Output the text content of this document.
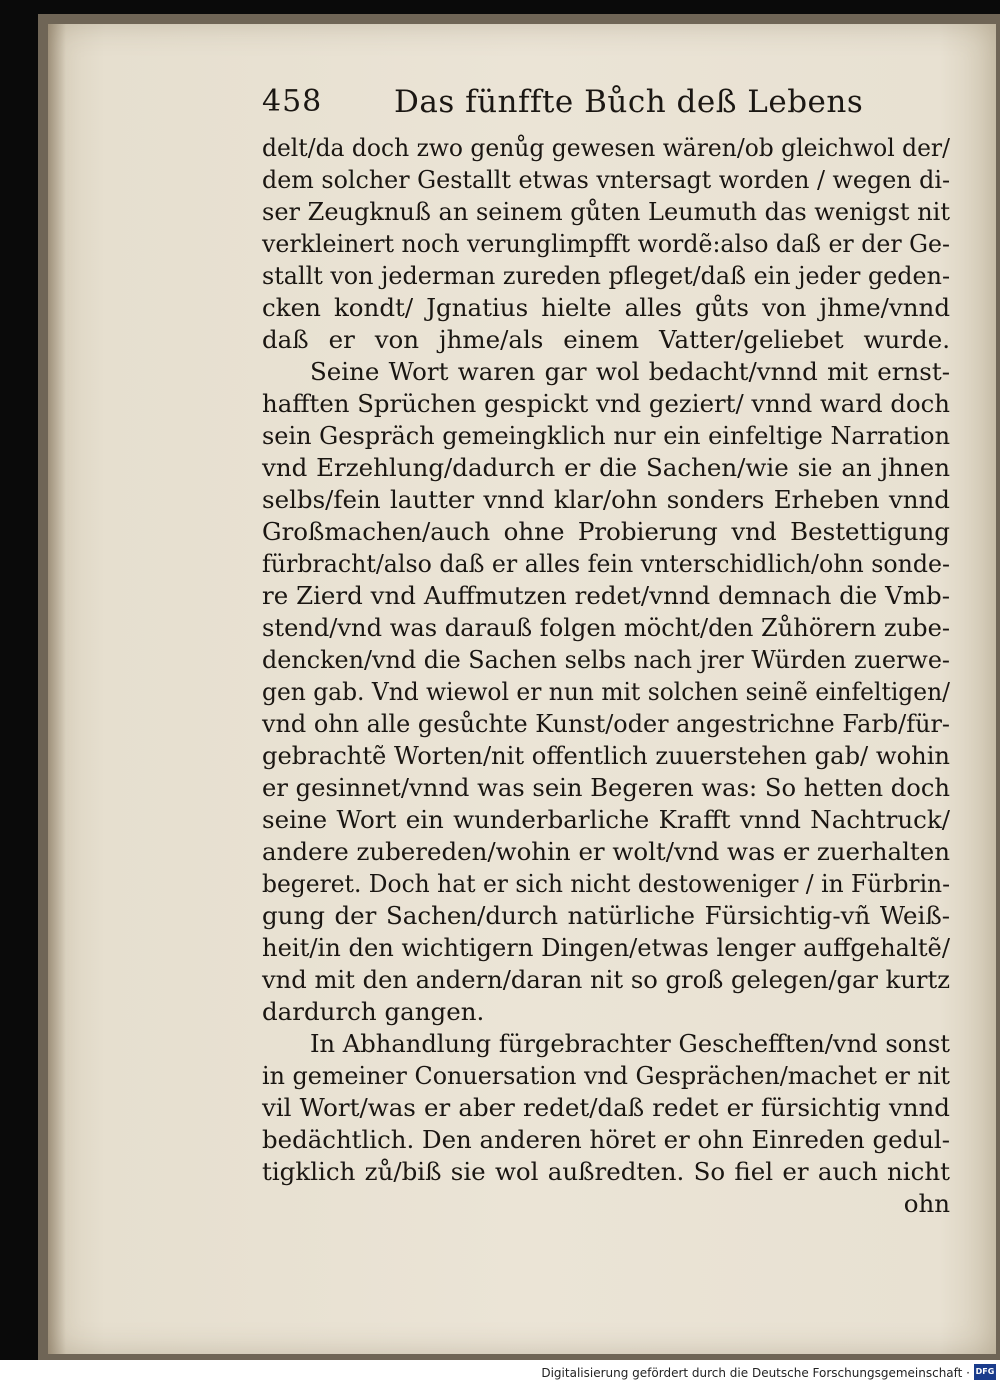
458 Das fünffte Bůch deß Lebens
delt/da doch zwo genůg gewesen wären/ob gleichwol der/
dem solcher Gestallt etwas vntersagt worden / wegen di-
ser Zeugknuß an seinem gůten Leumuth das wenigst nit
verkleinert noch verunglimpfft wordẽ:also daß er der Ge-
stallt von jederman zureden pfleget/daß ein jeder geden-
cken kondt/ Jgnatius hielte alles gůts von jhme/vnnd
daß er von jhme/als einem Vatter/geliebet wurde.
Seine Wort waren gar wol bedacht/vnnd mit ernst-
hafften Sprüchen gespickt vnd geziert/ vnnd ward doch
sein Gespräch gemeingklich nur ein einfeltige Narration
vnd Erzehlung/dadurch er die Sachen/wie sie an jhnen
selbs/fein lautter vnnd klar/ohn sonders Erheben vnnd
Großmachen/auch ohne Probierung vnd Bestettigung
fürbracht/also daß er alles fein vnterschidlich/ohn sonde-
re Zierd vnd Auffmutzen redet/vnnd demnach die Vmb-
stend/vnd was darauß folgen möcht/den Zůhörern zube-
dencken/vnd die Sachen selbs nach jrer Würden zuerwe-
gen gab. Vnd wiewol er nun mit solchen seinẽ einfeltigen/
vnd ohn alle gesůchte Kunst/oder angestrichne Farb/für-
gebrachtẽ Worten/nit offentlich zuuerstehen gab/ wohin
er gesinnet/vnnd was sein Begeren was: So hetten doch
seine Wort ein wunderbarliche Krafft vnnd Nachtruck/
andere zubereden/wohin er wolt/vnd was er zuerhalten
begeret. Doch hat er sich nicht destoweniger / in Fürbrin-
gung der Sachen/durch natürliche Fürsichtig-vñ Weiß-
heit/in den wichtigern Dingen/etwas lenger auffgehaltẽ/
vnd mit den andern/daran nit so groß gelegen/gar kurtz
dardurch gangen.
In Abhandlung fürgebrachter Geschefften/vnd sonst
in gemeiner Conuersation vnd Gesprächen/machet er nit
vil Wort/was er aber redet/daß redet er fürsichtig vnnd
bedächtlich. Den anderen höret er ohn Einreden gedul-
tigklich zů/biß sie wol außredten. So fiel er auch nicht
ohn
Digitalisierung gefördert durch die Deutsche Forschungsgemeinschaft · DFG
